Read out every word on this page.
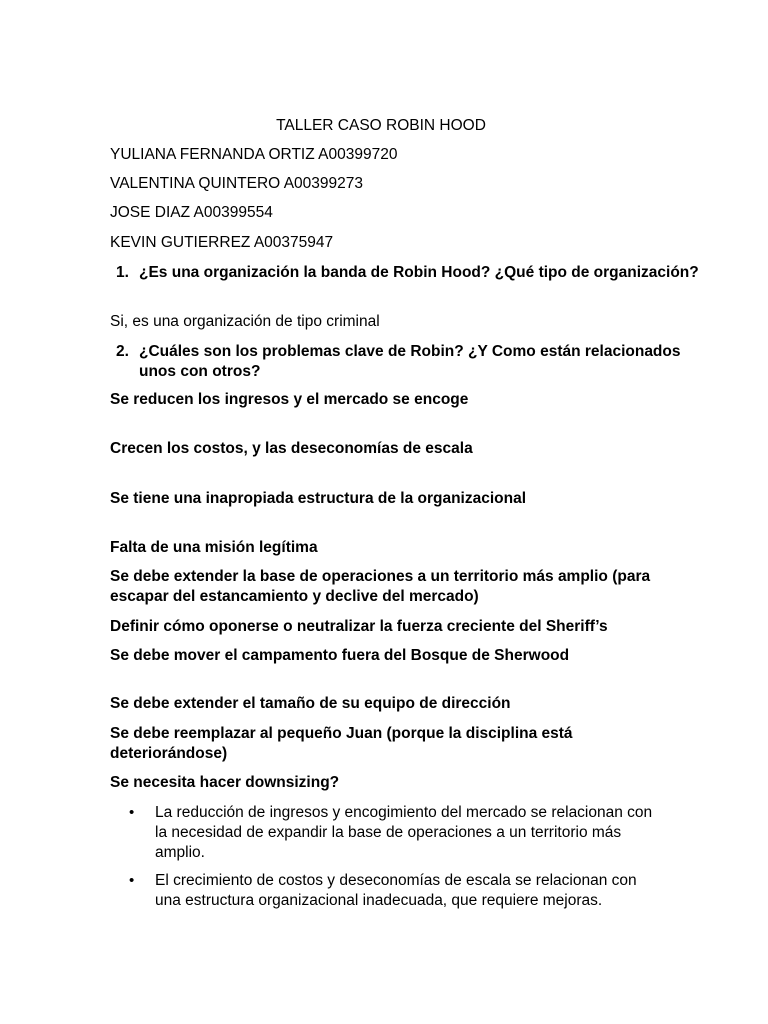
TALLER CASO ROBIN HOOD
YULIANA FERNANDA ORTIZ A00399720
VALENTINA QUINTERO A00399273
JOSE DIAZ A00399554
KEVIN GUTIERREZ A00375947
1. ¿Es una organización la banda de Robin Hood? ¿Qué tipo de organización?
Si, es una organización de tipo criminal
2. ¿Cuáles son los problemas clave de Robin? ¿Y Como están relacionados unos con otros?
Se reducen los ingresos y el mercado se encoge
Crecen los costos, y las deseconomías de escala
Se tiene una inapropiada estructura de la organizacional
Falta de una misión legítima
Se debe extender la base de operaciones a un territorio más amplio (para escapar del estancamiento y declive del mercado)
Definir cómo oponerse o neutralizar la fuerza creciente del Sheriff’s
Se debe mover el campamento fuera del Bosque de Sherwood
Se debe extender el tamaño de su equipo de dirección
Se debe reemplazar al pequeño Juan (porque la disciplina está deteriorándose)
Se necesita hacer downsizing?
• La reducción de ingresos y encogimiento del mercado se relacionan con la necesidad de expandir la base de operaciones a un territorio más amplio.
• El crecimiento de costos y deseconomías de escala se relacionan con una estructura organizacional inadecuada, que requiere mejoras.
